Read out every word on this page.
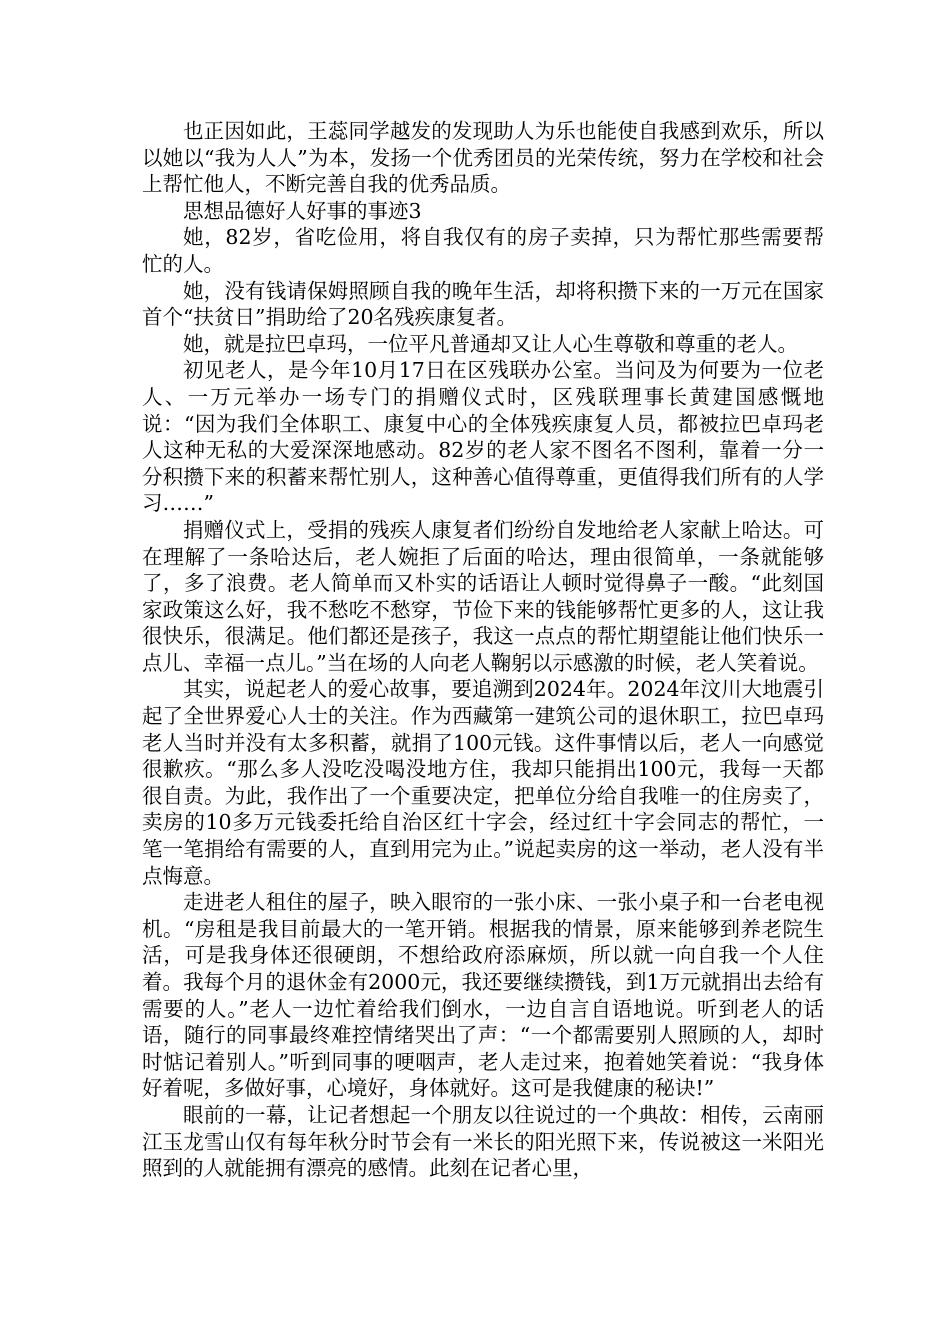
也正因如此，王蕊同学越发的发现助人为乐也能使自我感到欢乐，所以以她以“我为人人”为本，发扬一个优秀团员的光荣传统，努力在学校和社会上帮忙他人，不断完善自我的优秀品质。

思想品德好人好事的事迹3

她，82岁，省吃俭用，将自我仅有的房子卖掉，只为帮忙那些需要帮忙的人。

她，没有钱请保姆照顾自我的晚年生活，却将积攒下来的一万元在国家首个“扶贫日”捐助给了20名残疾康复者。

她，就是拉巴卓玛，一位平凡普通却又让人心生尊敬和尊重的老人。

初见老人，是今年10月17日在区残联办公室。当问及为何要为一位老人、一万元举办一场专门的捐赠仪式时，区残联理事长黄建国感慨地说：“因为我们全体职工、康复中心的全体残疾康复人员，都被拉巴卓玛老人这种无私的大爱深深地感动。82岁的老人家不图名不图利，靠着一分一分积攒下来的积蓄来帮忙别人，这种善心值得尊重，更值得我们所有的人学习……”

捐赠仪式上，受捐的残疾人康复者们纷纷自发地给老人家献上哈达。可在理解了一条哈达后，老人婉拒了后面的哈达，理由很简单，一条就能够了，多了浪费。老人简单而又朴实的话语让人顿时觉得鼻子一酸。“此刻国家政策这么好，我不愁吃不愁穿，节俭下来的钱能够帮忙更多的人，这让我很快乐，很满足。他们都还是孩子，我这一点点的帮忙期望能让他们快乐一点儿、幸福一点儿。”当在场的人向老人鞠躬以示感激的时候，老人笑着说。

其实，说起老人的爱心故事，要追溯到2024年。2024年汶川大地震引起了全世界爱心人士的关注。作为西藏第一建筑公司的退休职工，拉巴卓玛老人当时并没有太多积蓄，就捐了100元钱。这件事情以后，老人一向感觉很歉疚。“那么多人没吃没喝没地方住，我却只能捐出100元，我每一天都很自责。为此，我作出了一个重要决定，把单位分给自我唯一的住房卖了，卖房的10多万元钱委托给自治区红十字会，经过红十字会同志的帮忙，一笔一笔捐给有需要的人，直到用完为止。”说起卖房的这一举动，老人没有半点悔意。

走进老人租住的屋子，映入眼帘的一张小床、一张小桌子和一台老电视机。“房租是我目前最大的一笔开销。根据我的情景，原来能够到养老院生活，可是我身体还很硬朗，不想给政府添麻烦，所以就一向自我一个人住着。我每个月的退休金有2000元，我还要继续攒钱，到1万元就捐出去给有需要的人。”老人一边忙着给我们倒水，一边自言自语地说。听到老人的话语，随行的同事最终难控情绪哭出了声：“一个都需要别人照顾的人，却时时惦记着别人。”听到同事的哽咽声，老人走过来，抱着她笑着说：“我身体好着呢，多做好事，心境好，身体就好。这可是我健康的秘诀!”

眼前的一幕，让记者想起一个朋友以往说过的一个典故：相传，云南丽江玉龙雪山仅有每年秋分时节会有一米长的阳光照下来，传说被这一米阳光照到的人就能拥有漂亮的感情。此刻在记者心里，
